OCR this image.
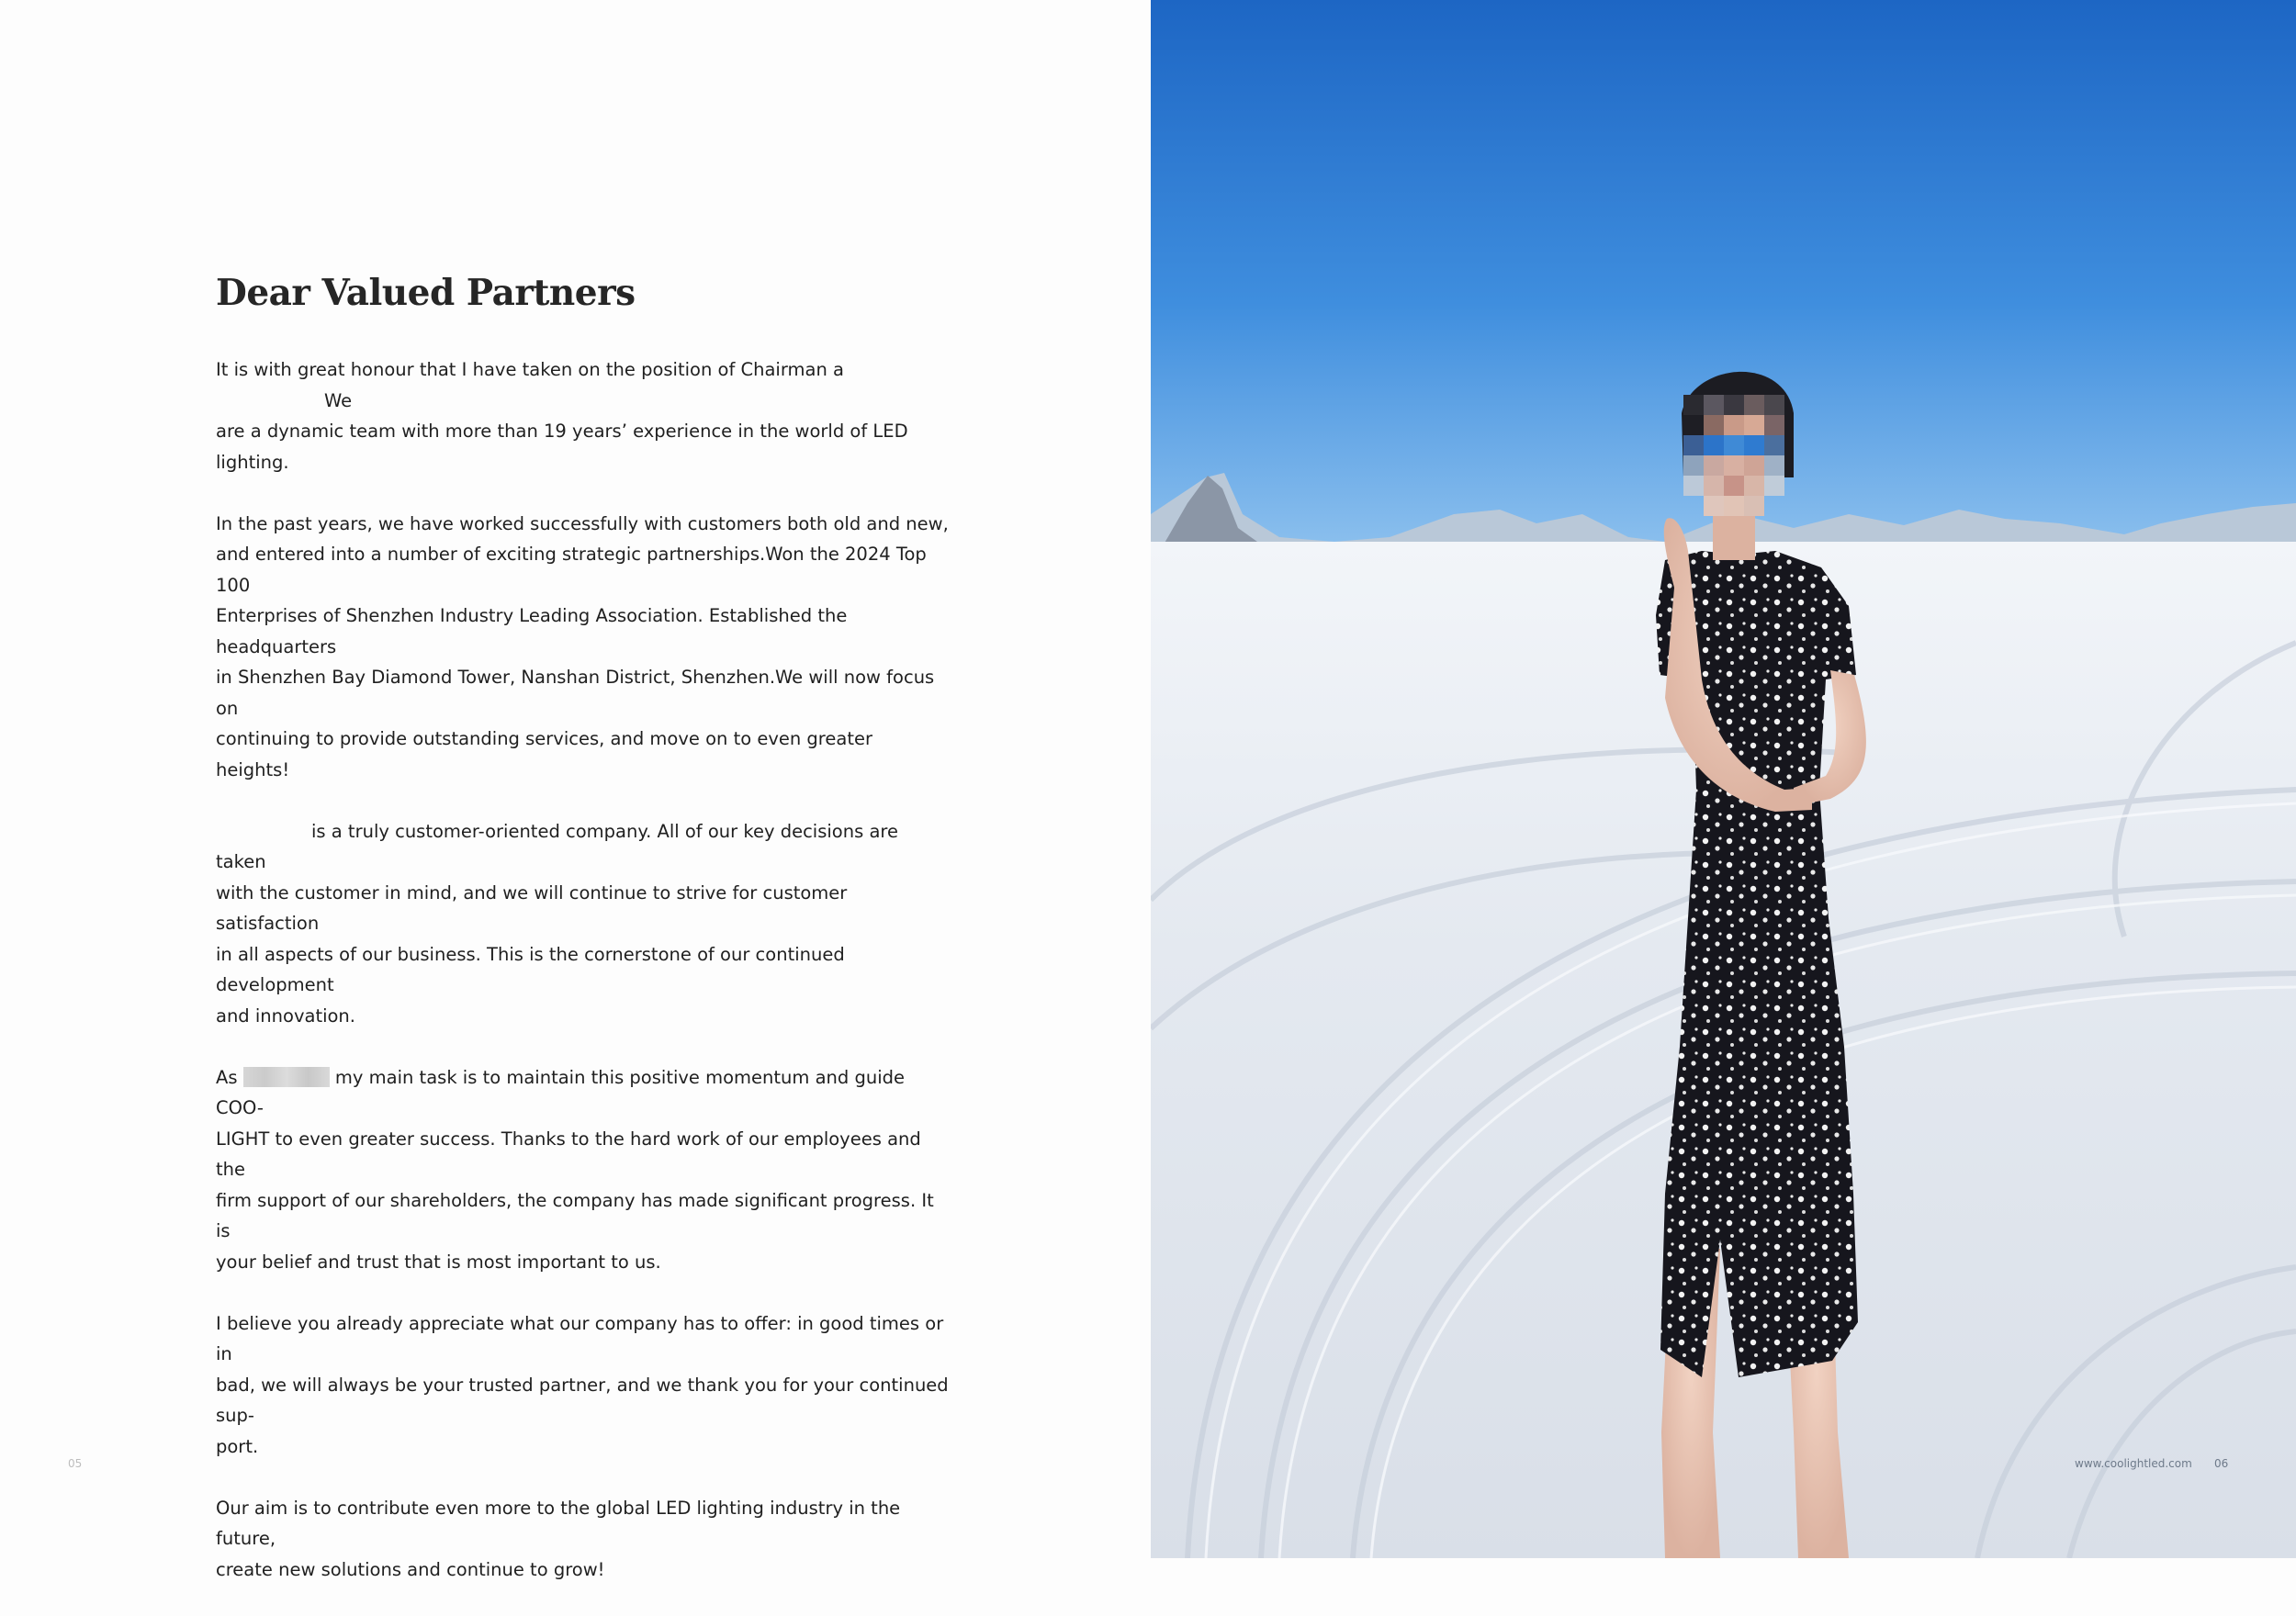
Dear Valued Partners

It is with great honour that I have taken on the position of Chairman aWe
are a dynamic team with more than 19 years’ experience in the world of LED lighting.

In the past years, we have worked successfully with customers both old and new,
and entered into a number of exciting strategic partnerships.Won the 2024 Top 100
Enterprises of Shenzhen Industry Leading Association. Established the headquarters
in Shenzhen Bay Diamond Tower, Nanshan District, Shenzhen.We will now focus on
continuing to provide outstanding services, and move on to even greater heights!

is a truly customer-oriented company. All of our key decisions are taken
with the customer in mind, and we will continue to strive for customer satisfaction
in all aspects of our business. This is the cornerstone of our continued development
and innovation.

As	my main task is to maintain this positive momentum and guide COO-
LIGHT to even greater success. Thanks to the hard work of our employees and the
firm support of our shareholders, the company has made significant progress. It is
your belief and trust that is most important to us.

I believe you already appreciate what our company has to offer: in good times or in
bad, we will always be your trusted partner, and we thank you for your continued sup-
port.

Our aim is to contribute even more to the global LED lighting industry in the future,
create new solutions and continue to grow!

05	www.coolightled.com 06
